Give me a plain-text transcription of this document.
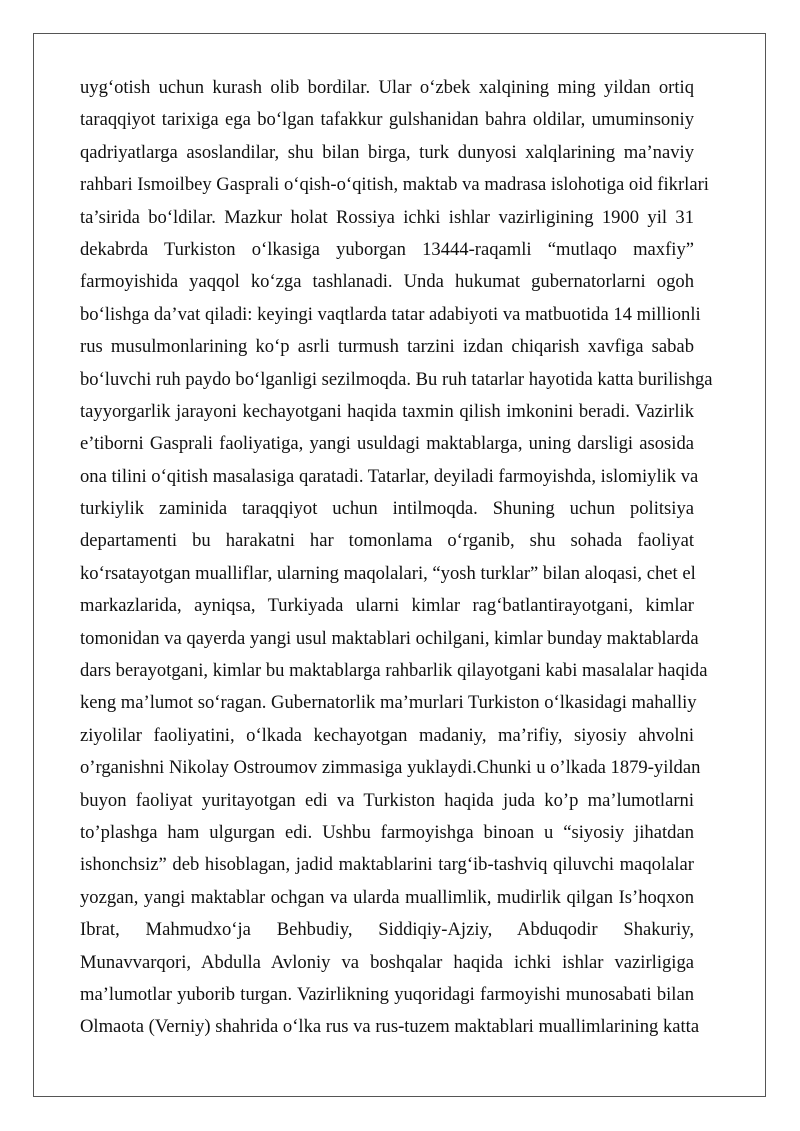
uyg‘otish uchun kurash olib bordilar. Ular o‘zbek xalqining ming yildan ortiq
taraqqiyot tarixiga ega bo‘lgan tafakkur gulshanidan bahra oldilar, umuminsoniy
qadriyatlarga asoslandilar, shu bilan birga, turk dunyosi xalqlarining ma’naviy
rahbari Ismoilbey Gasprali o‘qish-o‘qitish, maktab va madrasa islohotiga oid fikrlari
ta’sirida bo‘ldilar. Mazkur holat Rossiya ichki ishlar vazirligining 1900 yil 31
dekabrda Turkiston o‘lkasiga yuborgan 13444-raqamli “mutlaqo maxfiy”
farmoyishida yaqqol ko‘zga tashlanadi. Unda hukumat gubernatorlarni ogoh
bo‘lishga da’vat qiladi: keyingi vaqtlarda tatar adabiyoti va matbuotida 14 millionli
rus musulmonlarining ko‘p asrli turmush tarzini izdan chiqarish xavfiga sabab
bo‘luvchi ruh paydo bo‘lganligi sezilmoqda. Bu ruh tatarlar hayotida katta burilishga
tayyorgarlik jarayoni kechayotgani haqida taxmin qilish imkonini beradi. Vazirlik
e’tiborni Gasprali faoliyatiga, yangi usuldagi maktablarga, uning darsligi asosida
ona tilini o‘qitish masalasiga qaratadi. Tatarlar, deyiladi farmoyishda, islomiylik va
turkiylik zaminida taraqqiyot uchun intilmoqda. Shuning uchun politsiya
departamenti bu harakatni har tomonlama o‘rganib, shu sohada faoliyat
ko‘rsatayotgan mualliflar, ularning maqolalari, “yosh turklar” bilan aloqasi, chet el
markazlarida, ayniqsa, Turkiyada ularni kimlar rag‘batlantirayotgani, kimlar
tomonidan va qayerda yangi usul maktablari ochilgani, kimlar bunday maktablarda
dars berayotgani, kimlar bu maktablarga rahbarlik qilayotgani kabi masalalar haqida
keng ma’lumot so‘ragan. Gubernatorlik ma’murlari Turkiston o‘lkasidagi mahalliy
ziyolilar faoliyatini, o‘lkada kechayotgan madaniy, ma’rifiy, siyosiy ahvolni
o’rganishni Nikolay Ostroumov zimmasiga yuklaydi.Chunki u o’lkada 1879-yildan
buyon faoliyat yuritayotgan edi va Turkiston haqida juda ko’p ma’lumotlarni
to’plashga ham ulgurgan edi. Ushbu farmoyishga binoan u “siyosiy jihatdan
ishonchsiz” deb hisoblagan, jadid maktablarini targ‘ib-tashviq qiluvchi maqolalar
yozgan, yangi maktablar ochgan va ularda muallimlik, mudirlik qilgan Is’hoqxon
Ibrat, Mahmudxo‘ja Behbudiy, Siddiqiy-Ajziy, Abduqodir Shakuriy,
Munavvarqori, Abdulla Avloniy va boshqalar haqida ichki ishlar vazirligiga
ma’lumotlar yuborib turgan. Vazirlikning yuqoridagi farmoyishi munosabati bilan
Olmaota (Verniy) shahrida o‘lka rus va rus-tuzem maktablari muallimlarining katta
